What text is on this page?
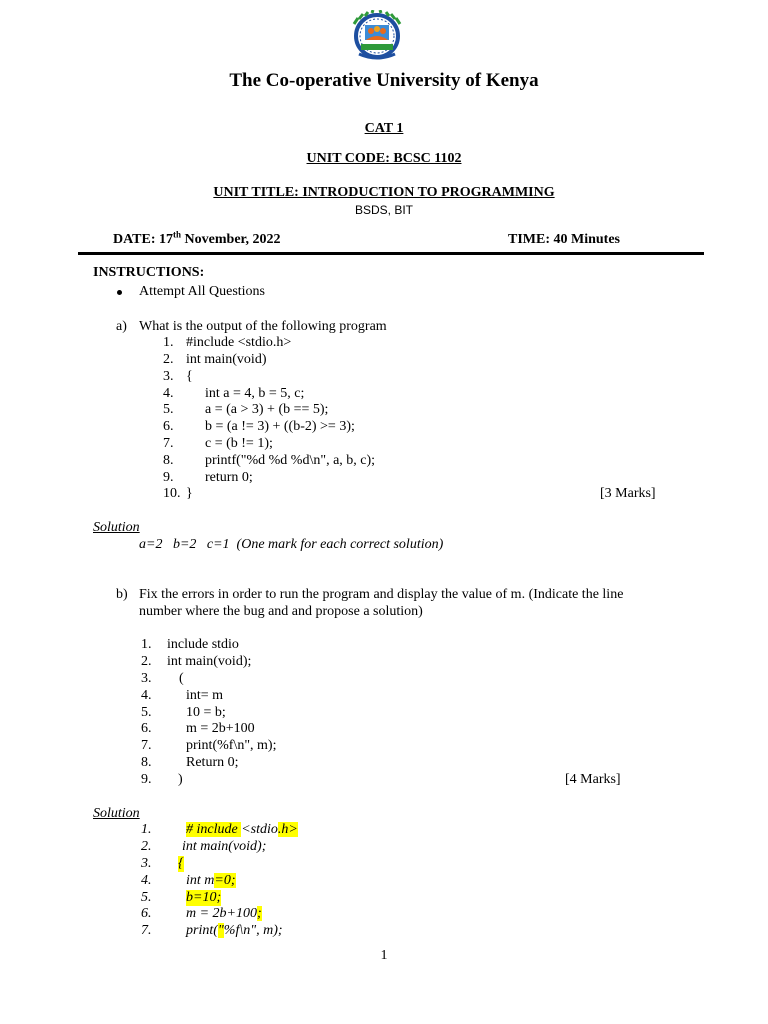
The Co-operative University of Kenya
CAT 1
UNIT CODE: BCSC 1102
UNIT TITLE: INTRODUCTION TO PROGRAMMING
BSDS, BIT
DATE: 17th November, 2022	TIME: 40 Minutes
INSTRUCTIONS:
Attempt All Questions
a) What is the output of the following program
1. #include <stdio.h>
2. int main(void)
3. {
4. int a = 4, b = 5, c;
5. a = (a > 3) + (b == 5);
6. b = (a != 3) + ((b-2) >= 3);
7. c = (b != 1);
8. printf("%d %d %d\n", a, b, c);
9. return 0;
10. }	[3 Marks]
Solution
a=2   b=2   c=1  (One mark for each correct solution)
b) Fix the errors in order to run the program and display the value of m. (Indicate the line
number where the bug and and propose a solution)
1. include stdio
2. int main(void);
3. (
4. int= m
5. 10 = b;
6. m = 2b+100
7. print(%f\n", m);
8. Return 0;
9. )	[4 Marks]
Solution
1. # include <stdio.h>
2. int main(void);
3. {
4. int m=0;
5. b=10;
6. m = 2b+100;
7. print("%f\n", m);
1
